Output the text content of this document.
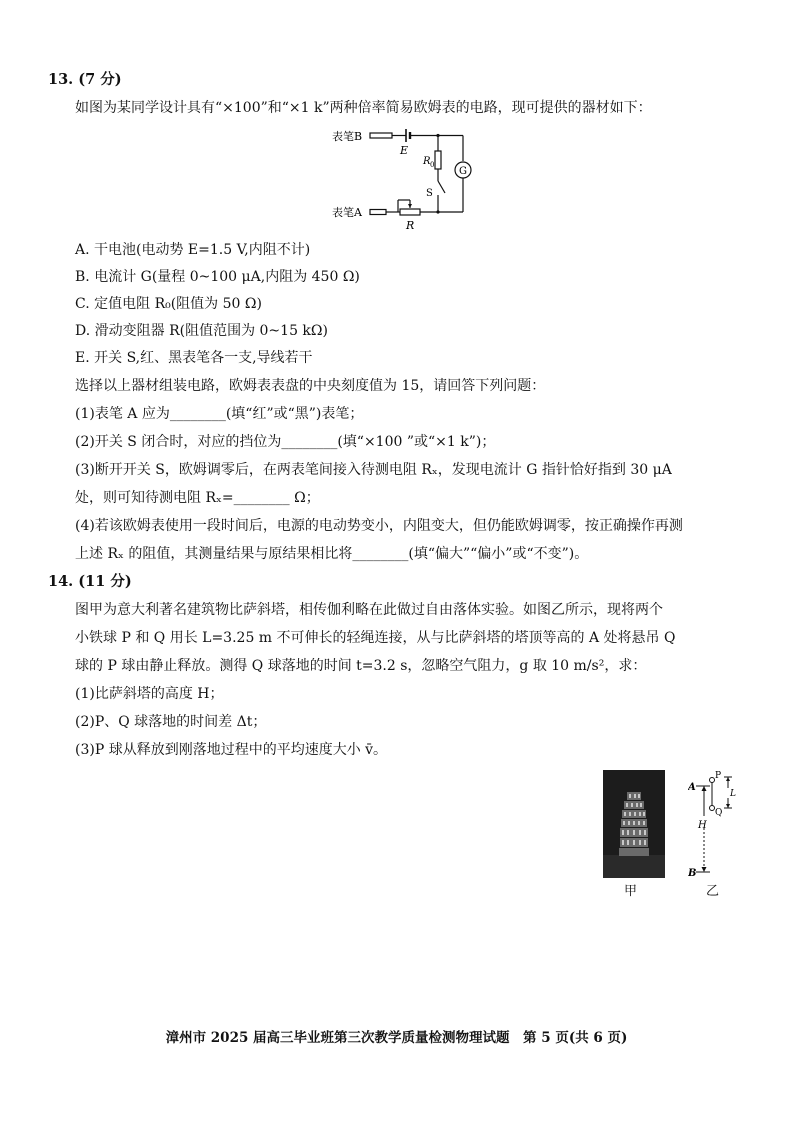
13. (7 分)
如图为某同学设计具有“×100”和“×1 k”两种倍率简易欧姆表的电路，现可提供的器材如下：
表笔B
E
R 0
S
G
表笔A
R
A. 干电池(电动势 E=1.5 V,内阻不计)
B. 电流计 G(量程 0~100 μA,内阻为 450 Ω)
C. 定值电阻 R₀(阻值为 50 Ω)
D. 滑动变阻器 R(阻值范围为 0~15 kΩ)
E. 开关 S,红、黑表笔各一支,导线若干
选择以上器材组装电路，欧姆表表盘的中央刻度值为 15，请回答下列问题：
(1)表笔 A 应为________(填“红”或“黑”)表笔；
(2)开关 S 闭合时，对应的挡位为________(填“×100 ”或“×1 k”)；
(3)断开开关 S，欧姆调零后，在两表笔间接入待测电阻 Rₓ，发现电流计 G 指针恰好指到 30 μA
处，则可知待测电阻 Rₓ=________ Ω；
(4)若该欧姆表使用一段时间后，电源的电动势变小，内阻变大，但仍能欧姆调零，按正确操作再测
上述 Rₓ 的阻值，其测量结果与原结果相比将________(填“偏大”“偏小”或“不变”)。
14. (11 分)
图甲为意大利著名建筑物比萨斜塔，相传伽利略在此做过自由落体实验。如图乙所示，现将两个
小铁球 P 和 Q 用长 L=3.25 m 不可伸长的轻绳连接，从与比萨斜塔的塔顶等高的 A 处将悬吊 Q
球的 P 球由静止释放。测得 Q 球落地的时间 t=3.2 s，忽略空气阻力，g 取 10 m/s²，求：
(1)比萨斜塔的高度 H；
(2)P、Q 球落地的时间差 Δt；
(3)P 球从释放到刚落地过程中的平均速度大小 v̄。
甲
A
H
B
P
Q
L
乙
漳州市 2025 届高三毕业班第三次教学质量检测物理试题　第 5 页(共 6 页)
